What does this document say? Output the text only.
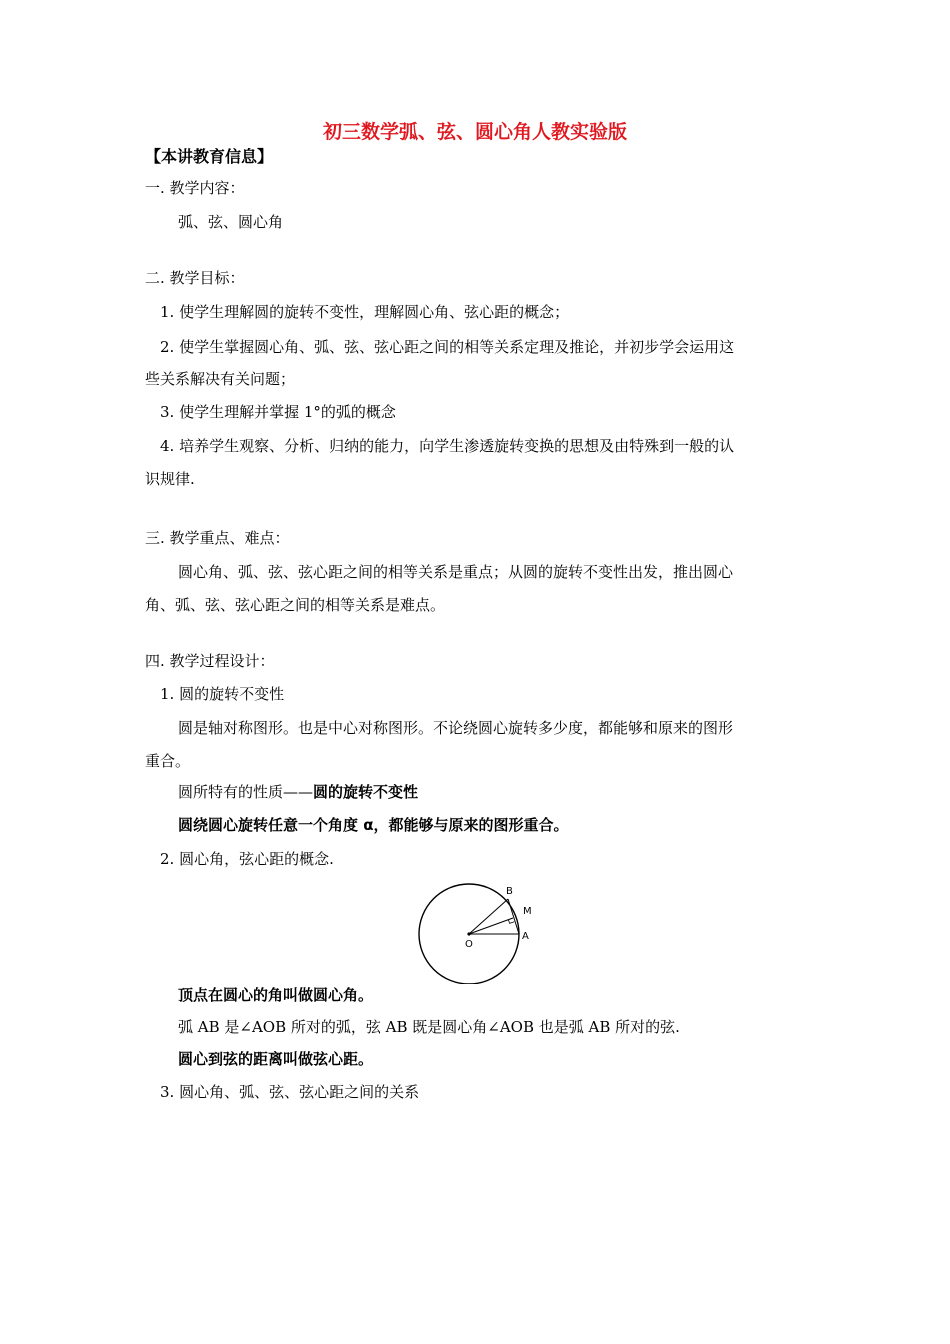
初三数学弧、弦、圆心角人教实验版
【本讲教育信息】
一. 教学内容：
弧、弦、圆心角
二. 教学目标：
1. 使学生理解圆的旋转不变性，理解圆心角、弦心距的概念；
2. 使学生掌握圆心角、弧、弦、弦心距之间的相等关系定理及推论，并初步学会运用这
些关系解决有关问题；
3. 使学生理解并掌握 1°的弧的概念
4. 培养学生观察、分析、归纳的能力，向学生渗透旋转变换的思想及由特殊到一般的认
识规律.
三. 教学重点、难点：
圆心角、弧、弦、弦心距之间的相等关系是重点；从圆的旋转不变性出发，推出圆心
角、弧、弦、弦心距之间的相等关系是难点。
四. 教学过程设计：
1. 圆的旋转不变性
圆是轴对称图形。也是中心对称图形。不论绕圆心旋转多少度，都能够和原来的图形
重合。
圆所特有的性质——圆的旋转不变性
圆绕圆心旋转任意一个角度 α，都能够与原来的图形重合。
2. 圆心角，弦心距的概念.
O
A
B
M
顶点在圆心的角叫做圆心角。
弧 AB 是∠AOB 所对的弧，弦 AB 既是圆心角∠AOB 也是弧 AB 所对的弦.
圆心到弦的距离叫做弦心距。
3. 圆心角、弧、弦、弦心距之间的关系
